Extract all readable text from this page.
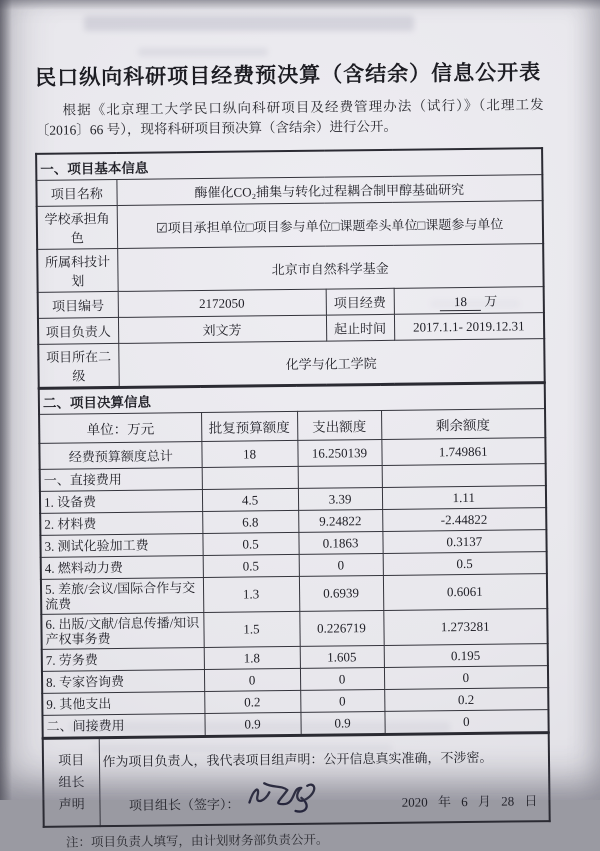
民口纵向科研项目经费预决算（含结余）信息公开表

根据《北京理工大学民口纵向科研项目及经费管理办法（试行）》（北理工发〔2016〕66 号），现将科研项目预决算（含结余）进行公开。

一、项目基本信息			
项目名称	酶催化CO₂捕集与转化过程耦合制甲醇基础研究		
学校承担角色	☑项目承担单位□项目参与单位□课题牵头单位□课题参与单位		
所属科技计划	北京市自然科学基金		
项目编号	2172050	项目经费	18 万
项目负责人	刘文芳	起止时间	2017.1.1- 2019.12.31
项目所在二级	化学与化工学院		
二、项目决算信息			
单位：万元	批复预算额度	支出额度	剩余额度
经费预算额度总计	18	16.250139	1.749861
一、直接费用			
1. 设备费	4.5	3.39	1.11
2. 材料费	6.8	9.24822	-2.44822
3. 测试化验加工费	0.5	0.1863	0.3137
4. 燃料动力费	0.5	0	0.5
5. 差旅/会议/国际合作与交流费	1.3	0.6939	0.6061
6. 出版/文献/信息传播/知识产权事务费	1.5	0.226719	1.273281
7. 劳务费	1.8	1.605	0.195
8. 专家咨询费	0	0	0
9. 其他支出	0.2	0	0.2
二、间接费用	0.9	0.9	0
项目
组长
声明

作为项目负责人，我代表项目组声明：公开信息真实准确，不涉密。
项目组长（签字）：	2020 年 6 月 28 日

注：项目负责人填写，由计划财务部负责公开。
